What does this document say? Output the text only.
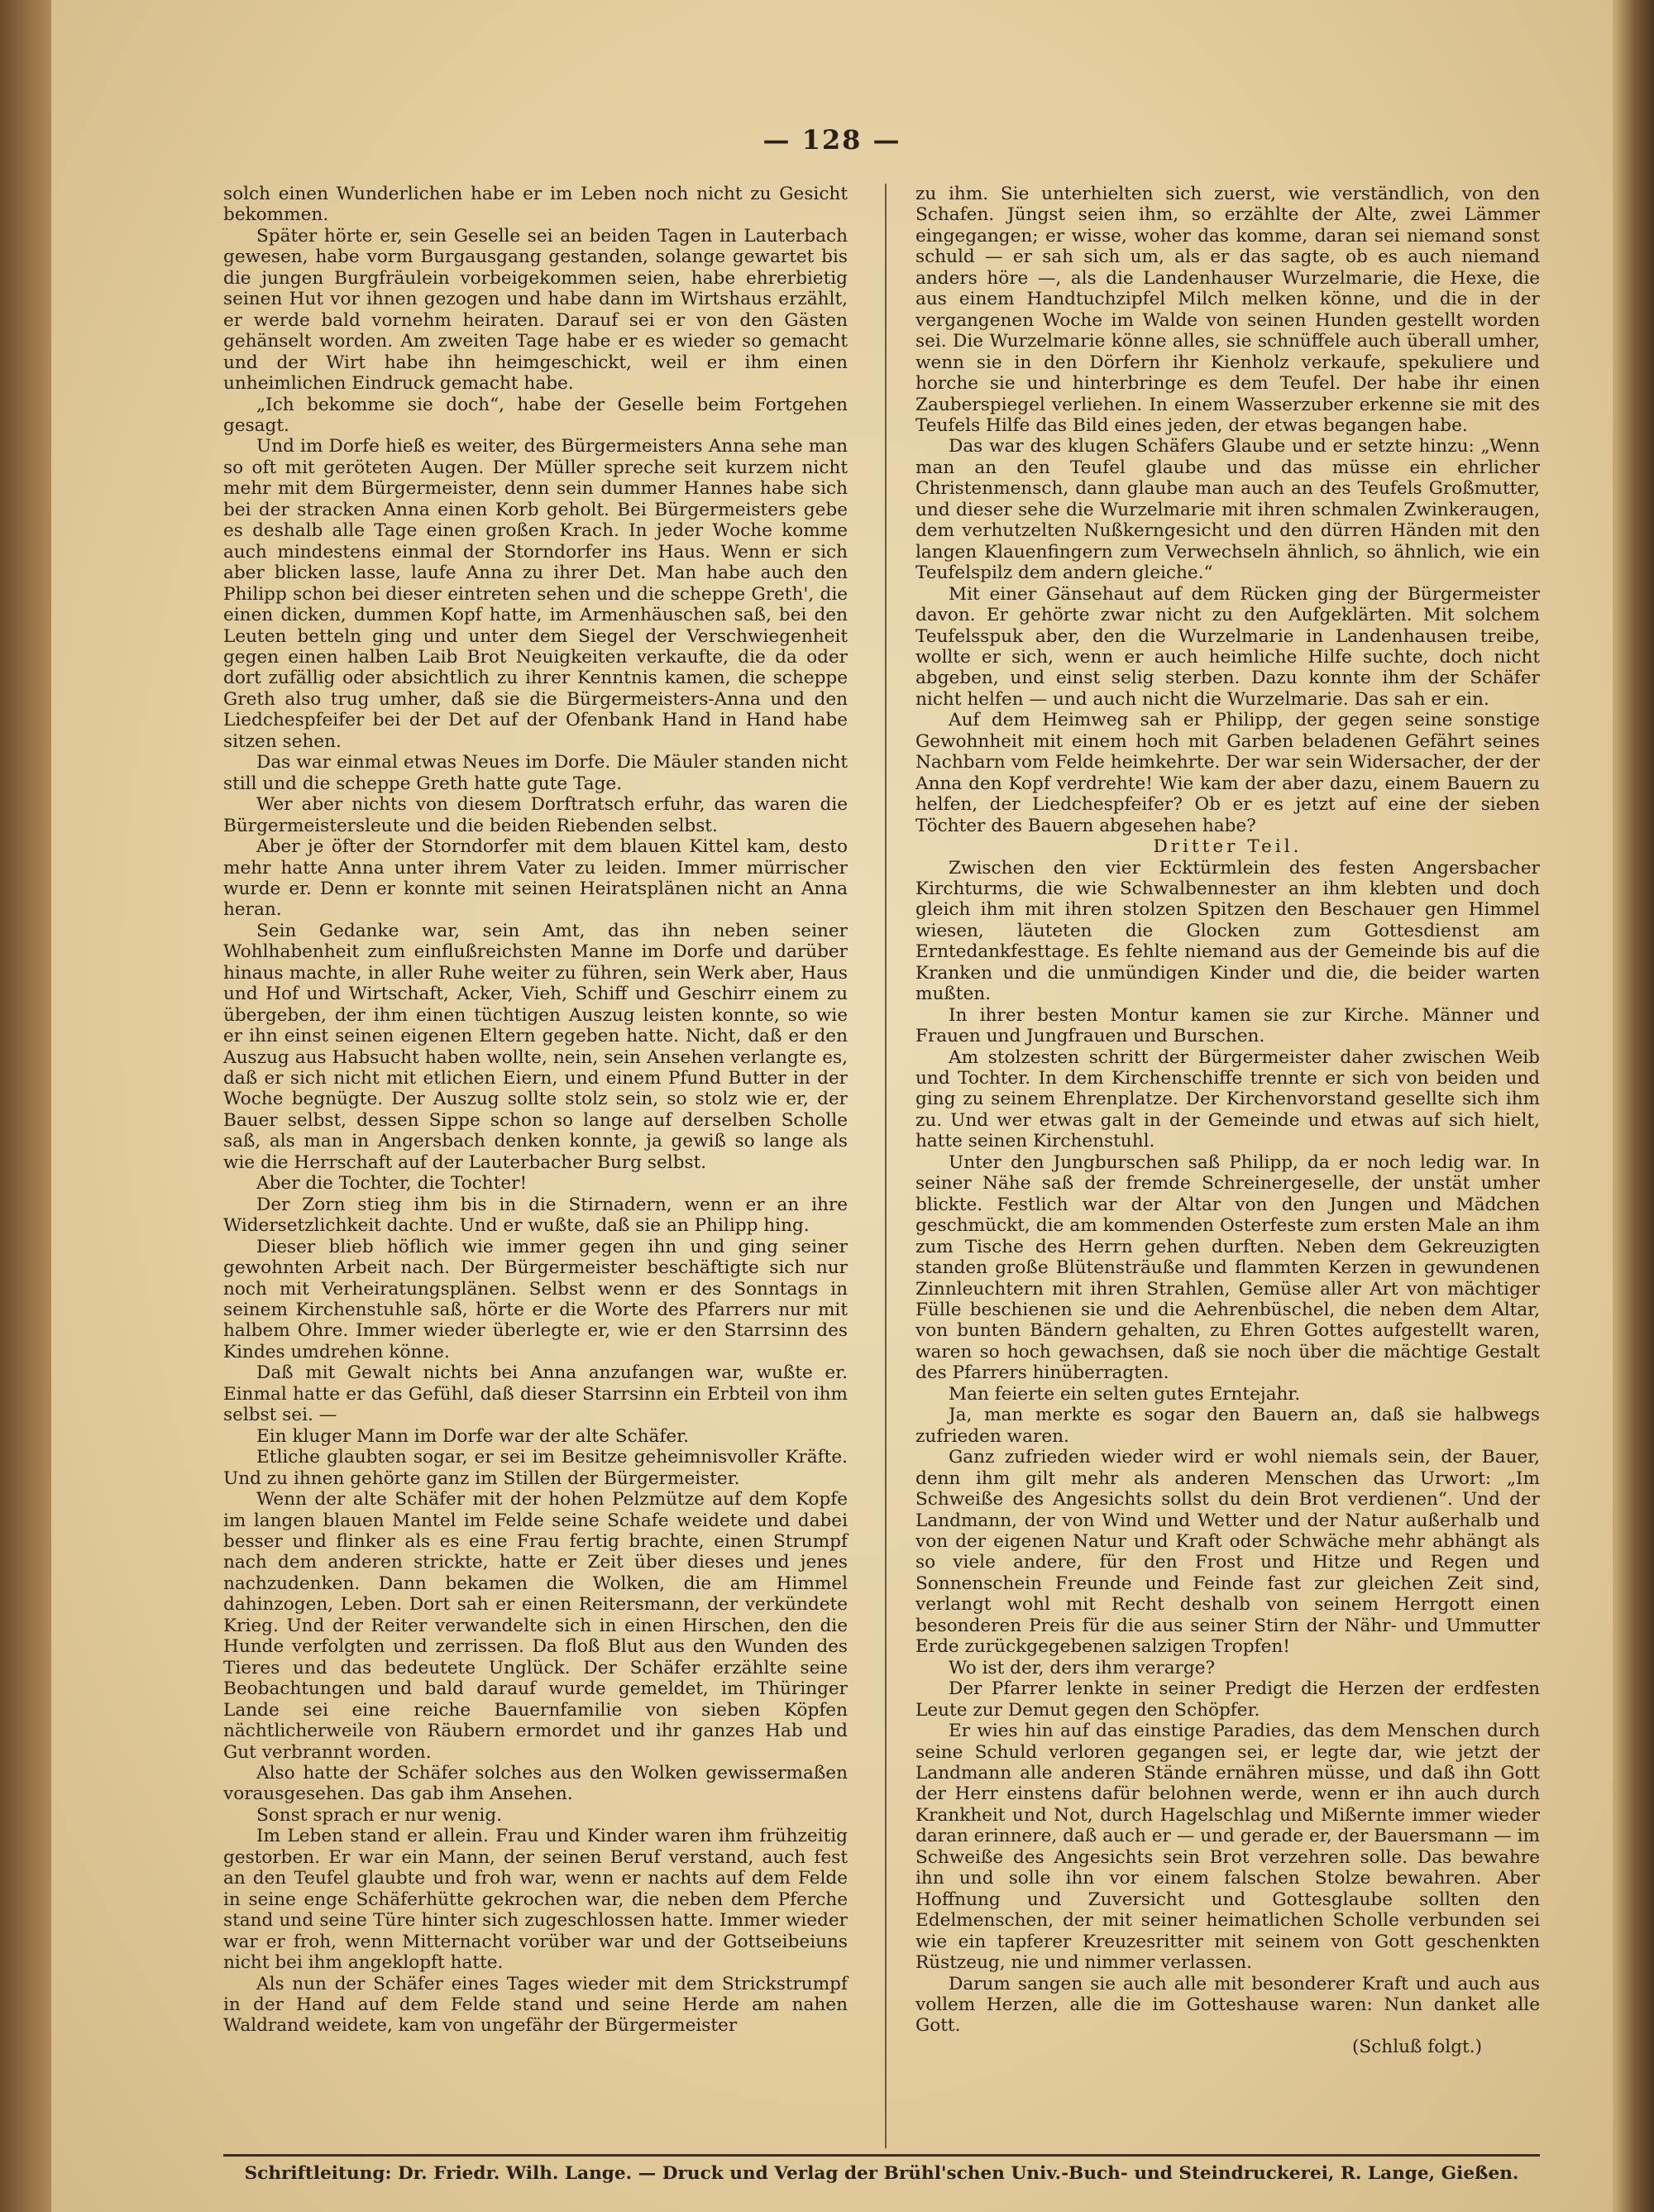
— 128 —

solch einen Wunderlichen habe er im Leben noch nicht zu Gesicht bekommen.

Später hörte er, sein Geselle sei an beiden Tagen in Lauterbach gewesen, habe vorm Burgausgang gestanden, solange gewartet bis die jungen Burgfräulein vorbeigekommen seien, habe ehrerbietig seinen Hut vor ihnen gezogen und habe dann im Wirtshaus erzählt, er werde bald vornehm heiraten. Darauf sei er von den Gästen gehänselt worden. Am zweiten Tage habe er es wieder so gemacht und der Wirt habe ihn heimgeschickt, weil er ihm einen unheimlichen Eindruck gemacht habe.

„Ich bekomme sie doch“, habe der Geselle beim Fortgehen gesagt.

Und im Dorfe hieß es weiter, des Bürgermeisters Anna sehe man so oft mit geröteten Augen. Der Müller spreche seit kurzem nicht mehr mit dem Bürgermeister, denn sein dummer Hannes habe sich bei der stracken Anna einen Korb geholt. Bei Bürgermeisters gebe es deshalb alle Tage einen großen Krach. In jeder Woche komme auch mindestens einmal der Storndorfer ins Haus. Wenn er sich aber blicken lasse, laufe Anna zu ihrer Det. Man habe auch den Philipp schon bei dieser eintreten sehen und die scheppe Greth', die einen dicken, dummen Kopf hatte, im Armenhäuschen saß, bei den Leuten betteln ging und unter dem Siegel der Verschwiegenheit gegen einen halben Laib Brot Neuigkeiten verkaufte, die da oder dort zufällig oder absichtlich zu ihrer Kenntnis kamen, die scheppe Greth also trug umher, daß sie die Bürgermeisters-Anna und den Liedchespfeifer bei der Det auf der Ofenbank Hand in Hand habe sitzen sehen.

Das war einmal etwas Neues im Dorfe. Die Mäuler standen nicht still und die scheppe Greth hatte gute Tage.

Wer aber nichts von diesem Dorftratsch erfuhr, das waren die Bürgermeistersleute und die beiden Riebenden selbst.

Aber je öfter der Storndorfer mit dem blauen Kittel kam, desto mehr hatte Anna unter ihrem Vater zu leiden. Immer mürrischer wurde er. Denn er konnte mit seinen Heiratsplänen nicht an Anna heran.

Sein Gedanke war, sein Amt, das ihn neben seiner Wohlhabenheit zum einflußreichsten Manne im Dorfe und darüber hinaus machte, in aller Ruhe weiter zu führen, sein Werk aber, Haus und Hof und Wirtschaft, Acker, Vieh, Schiff und Geschirr einem zu übergeben, der ihm einen tüchtigen Auszug leisten konnte, so wie er ihn einst seinen eigenen Eltern gegeben hatte. Nicht, daß er den Auszug aus Habsucht haben wollte, nein, sein Ansehen verlangte es, daß er sich nicht mit etlichen Eiern, und einem Pfund Butter in der Woche begnügte. Der Auszug sollte stolz sein, so stolz wie er, der Bauer selbst, dessen Sippe schon so lange auf derselben Scholle saß, als man in Angersbach denken konnte, ja gewiß so lange als wie die Herrschaft auf der Lauterbacher Burg selbst.

Aber die Tochter, die Tochter!

Der Zorn stieg ihm bis in die Stirnadern, wenn er an ihre Widersetzlichkeit dachte. Und er wußte, daß sie an Philipp hing.

Dieser blieb höflich wie immer gegen ihn und ging seiner gewohnten Arbeit nach. Der Bürgermeister beschäftigte sich nur noch mit Verheiratungsplänen. Selbst wenn er des Sonntags in seinem Kirchenstuhle saß, hörte er die Worte des Pfarrers nur mit halbem Ohre. Immer wieder überlegte er, wie er den Starrsinn des Kindes umdrehen könne.

Daß mit Gewalt nichts bei Anna anzufangen war, wußte er. Einmal hatte er das Gefühl, daß dieser Starrsinn ein Erbteil von ihm selbst sei. —

Ein kluger Mann im Dorfe war der alte Schäfer.

Etliche glaubten sogar, er sei im Besitze geheimnisvoller Kräfte. Und zu ihnen gehörte ganz im Stillen der Bürgermeister.

Wenn der alte Schäfer mit der hohen Pelzmütze auf dem Kopfe im langen blauen Mantel im Felde seine Schafe weidete und dabei besser und flinker als es eine Frau fertig brachte, einen Strumpf nach dem anderen strickte, hatte er Zeit über dieses und jenes nachzudenken. Dann bekamen die Wolken, die am Himmel dahinzogen, Leben. Dort sah er einen Reitersmann, der verkündete Krieg. Und der Reiter verwandelte sich in einen Hirschen, den die Hunde verfolgten und zerrissen. Da floß Blut aus den Wunden des Tieres und das bedeutete Unglück. Der Schäfer erzählte seine Beobachtungen und bald darauf wurde gemeldet, im Thüringer Lande sei eine reiche Bauernfamilie von sieben Köpfen nächtlicherweile von Räubern ermordet und ihr ganzes Hab und Gut verbrannt worden.

Also hatte der Schäfer solches aus den Wolken gewissermaßen vorausgesehen. Das gab ihm Ansehen.

Sonst sprach er nur wenig.

Im Leben stand er allein. Frau und Kinder waren ihm frühzeitig gestorben. Er war ein Mann, der seinen Beruf verstand, auch fest an den Teufel glaubte und froh war, wenn er nachts auf dem Felde in seine enge Schäferhütte gekrochen war, die neben dem Pferche stand und seine Türe hinter sich zugeschlossen hatte. Immer wieder war er froh, wenn Mitternacht vorüber war und der Gottseibeiuns nicht bei ihm angeklopft hatte.

Als nun der Schäfer eines Tages wieder mit dem Strickstrumpf in der Hand auf dem Felde stand und seine Herde am nahen Waldrand weidete, kam von ungefähr der Bürgermeister

zu ihm. Sie unterhielten sich zuerst, wie verständlich, von den Schafen. Jüngst seien ihm, so erzählte der Alte, zwei Lämmer eingegangen; er wisse, woher das komme, daran sei niemand sonst schuld — er sah sich um, als er das sagte, ob es auch niemand anders höre —, als die Landenhauser Wurzelmarie, die Hexe, die aus einem Handtuchzipfel Milch melken könne, und die in der vergangenen Woche im Walde von seinen Hunden gestellt worden sei. Die Wurzelmarie könne alles, sie schnüffele auch überall umher, wenn sie in den Dörfern ihr Kienholz verkaufe, spekuliere und horche sie und hinterbringe es dem Teufel. Der habe ihr einen Zauberspiegel verliehen. In einem Wasserzuber erkenne sie mit des Teufels Hilfe das Bild eines jeden, der etwas begangen habe.

Das war des klugen Schäfers Glaube und er setzte hinzu: „Wenn man an den Teufel glaube und das müsse ein ehrlicher Christenmensch, dann glaube man auch an des Teufels Großmutter, und dieser sehe die Wurzelmarie mit ihren schmalen Zwinkeraugen, dem verhutzelten Nußkerngesicht und den dürren Händen mit den langen Klauenfingern zum Verwechseln ähnlich, so ähnlich, wie ein Teufelspilz dem andern gleiche.“

Mit einer Gänsehaut auf dem Rücken ging der Bürgermeister davon. Er gehörte zwar nicht zu den Aufgeklärten. Mit solchem Teufelsspuk aber, den die Wurzelmarie in Landenhausen treibe, wollte er sich, wenn er auch heimliche Hilfe suchte, doch nicht abgeben, und einst selig sterben. Dazu konnte ihm der Schäfer nicht helfen — und auch nicht die Wurzelmarie. Das sah er ein.

Auf dem Heimweg sah er Philipp, der gegen seine sonstige Gewohnheit mit einem hoch mit Garben beladenen Gefährt seines Nachbarn vom Felde heimkehrte. Der war sein Widersacher, der der Anna den Kopf verdrehte! Wie kam der aber dazu, einem Bauern zu helfen, der Liedchespfeifer? Ob er es jetzt auf eine der sieben Töchter des Bauern abgesehen habe?

Dritter Teil.

Zwischen den vier Ecktürmlein des festen Angersbacher Kirchturms, die wie Schwalbennester an ihm klebten und doch gleich ihm mit ihren stolzen Spitzen den Beschauer gen Himmel wiesen, läuteten die Glocken zum Gottesdienst am Erntedankfesttage. Es fehlte niemand aus der Gemeinde bis auf die Kranken und die unmündigen Kinder und die, die beider warten mußten.

In ihrer besten Montur kamen sie zur Kirche. Männer und Frauen und Jungfrauen und Burschen.

Am stolzesten schritt der Bürgermeister daher zwischen Weib und Tochter. In dem Kirchenschiffe trennte er sich von beiden und ging zu seinem Ehrenplatze. Der Kirchenvorstand gesellte sich ihm zu. Und wer etwas galt in der Gemeinde und etwas auf sich hielt, hatte seinen Kirchenstuhl.

Unter den Jungburschen saß Philipp, da er noch ledig war. In seiner Nähe saß der fremde Schreinergeselle, der unstät umher blickte. Festlich war der Altar von den Jungen und Mädchen geschmückt, die am kommenden Osterfeste zum ersten Male an ihm zum Tische des Herrn gehen durften. Neben dem Gekreuzigten standen große Blütensträuße und flammten Kerzen in gewundenen Zinnleuchtern mit ihren Strahlen, Gemüse aller Art von mächtiger Fülle beschienen sie und die Aehrenbüschel, die neben dem Altar, von bunten Bändern gehalten, zu Ehren Gottes aufgestellt waren, waren so hoch gewachsen, daß sie noch über die mächtige Gestalt des Pfarrers hinüberragten.

Man feierte ein selten gutes Erntejahr.

Ja, man merkte es sogar den Bauern an, daß sie halbwegs zufrieden waren.

Ganz zufrieden wieder wird er wohl niemals sein, der Bauer, denn ihm gilt mehr als anderen Menschen das Urwort: „Im Schweiße des Angesichts sollst du dein Brot verdienen“. Und der Landmann, der von Wind und Wetter und der Natur außerhalb und von der eigenen Natur und Kraft oder Schwäche mehr abhängt als so viele andere, für den Frost und Hitze und Regen und Sonnenschein Freunde und Feinde fast zur gleichen Zeit sind, verlangt wohl mit Recht deshalb von seinem Herrgott einen besonderen Preis für die aus seiner Stirn der Nähr- und Ummutter Erde zurückgegebenen salzigen Tropfen!

Wo ist der, ders ihm verarge?

Der Pfarrer lenkte in seiner Predigt die Herzen der erdfesten Leute zur Demut gegen den Schöpfer.

Er wies hin auf das einstige Paradies, das dem Menschen durch seine Schuld verloren gegangen sei, er legte dar, wie jetzt der Landmann alle anderen Stände ernähren müsse, und daß ihn Gott der Herr einstens dafür belohnen werde, wenn er ihn auch durch Krankheit und Not, durch Hagelschlag und Mißernte immer wieder daran erinnere, daß auch er — und gerade er, der Bauersmann — im Schweiße des Angesichts sein Brot verzehren solle. Das bewahre ihn und solle ihn vor einem falschen Stolze bewahren. Aber Hoffnung und Zuversicht und Gottesglaube sollten den Edelmenschen, der mit seiner heimatlichen Scholle verbunden sei wie ein tapferer Kreuzesritter mit seinem von Gott geschenkten Rüstzeug, nie und nimmer verlassen.

Darum sangen sie auch alle mit besonderer Kraft und auch aus vollem Herzen, alle die im Gotteshause waren: Nun danket alle Gott.

(Schluß folgt.)

Schriftleitung: Dr. Friedr. Wilh. Lange. — Druck und Verlag der Brühl'schen Univ.-Buch- und Steindruckerei, R. Lange, Gießen.
